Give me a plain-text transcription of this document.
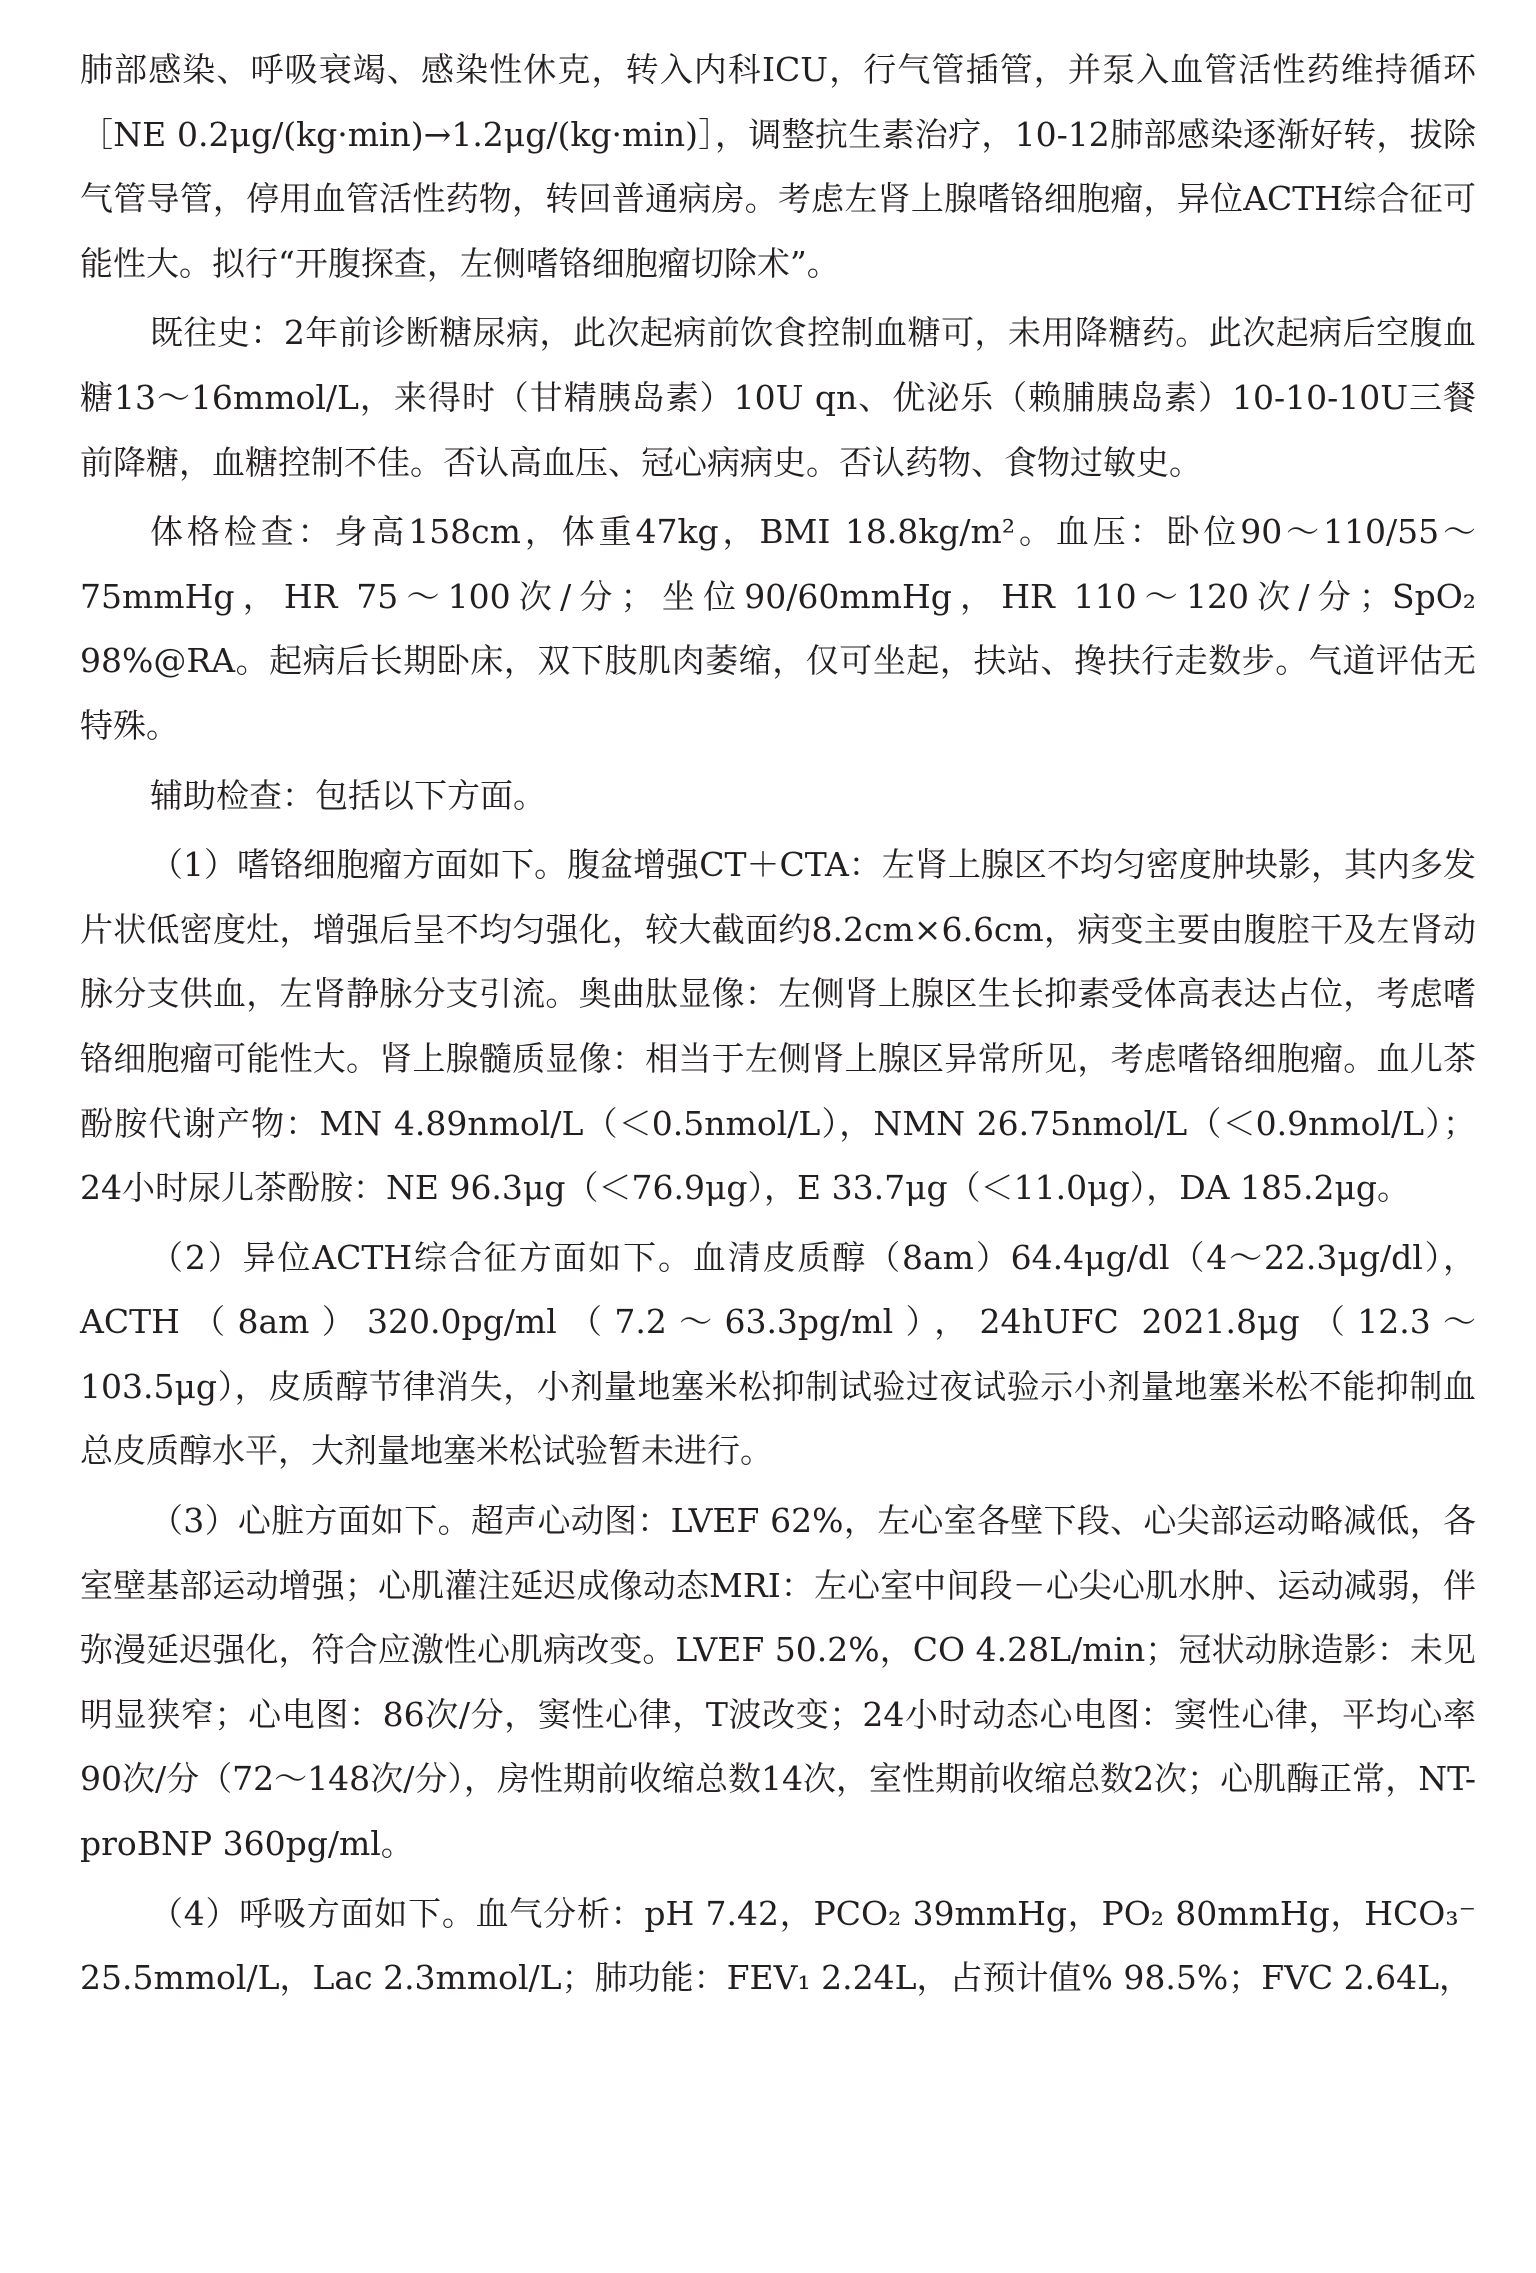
肺部感染、呼吸衰竭、感染性休克，转入内科ICU，行气管插管，并泵入血管活性药维持循环［NE 0.2μg/(kg·min)→1.2μg/(kg·min)］，调整抗生素治疗，10-12肺部感染逐渐好转，拔除气管导管，停用血管活性药物，转回普通病房。考虑左肾上腺嗜铬细胞瘤，异位ACTH综合征可能性大。拟行“开腹探查，左侧嗜铬细胞瘤切除术”。

既往史：2年前诊断糖尿病，此次起病前饮食控制血糖可，未用降糖药。此次起病后空腹血糖13～16mmol/L，来得时（甘精胰岛素）10U qn、优泌乐（赖脯胰岛素）10-10-10U三餐前降糖，血糖控制不佳。否认高血压、冠心病病史。否认药物、食物过敏史。

体格检查：身高158cm，体重47kg，BMI 18.8kg/m²。血压：卧位90～110/55～75mmHg，HR 75～100次/分；坐位90/60mmHg，HR 110～120次/分；SpO₂ 98%@RA。起病后长期卧床，双下肢肌肉萎缩，仅可坐起，扶站、搀扶行走数步。气道评估无特殊。

辅助检查：包括以下方面。

（1）嗜铬细胞瘤方面如下。腹盆增强CT＋CTA：左肾上腺区不均匀密度肿块影，其内多发片状低密度灶，增强后呈不均匀强化，较大截面约8.2cm×6.6cm，病变主要由腹腔干及左肾动脉分支供血，左肾静脉分支引流。奥曲肽显像：左侧肾上腺区生长抑素受体高表达占位，考虑嗜铬细胞瘤可能性大。肾上腺髓质显像：相当于左侧肾上腺区异常所见，考虑嗜铬细胞瘤。血儿茶酚胺代谢产物：MN 4.89nmol/L（＜0.5nmol/L），NMN 26.75nmol/L（＜0.9nmol/L）；24小时尿儿茶酚胺：NE 96.3μg（＜76.9μg），E 33.7μg（＜11.0μg），DA 185.2μg。

（2）异位ACTH综合征方面如下。血清皮质醇（8am）64.4μg/dl（4～22.3μg/dl），ACTH（8am）320.0pg/ml（7.2～63.3pg/ml），24hUFC 2021.8μg（12.3～103.5μg），皮质醇节律消失，小剂量地塞米松抑制试验过夜试验示小剂量地塞米松不能抑制血总皮质醇水平，大剂量地塞米松试验暂未进行。

（3）心脏方面如下。超声心动图：LVEF 62%，左心室各壁下段、心尖部运动略减低，各室壁基部运动增强；心肌灌注延迟成像动态MRI：左心室中间段－心尖心肌水肿、运动减弱，伴弥漫延迟强化，符合应激性心肌病改变。LVEF 50.2%，CO 4.28L/min；冠状动脉造影：未见明显狭窄；心电图：86次/分，窦性心律，T波改变；24小时动态心电图：窦性心律，平均心率90次/分（72～148次/分），房性期前收缩总数14次，室性期前收缩总数2次；心肌酶正常，NT-proBNP 360pg/ml。

（4）呼吸方面如下。血气分析：pH 7.42，PCO₂ 39mmHg，PO₂ 80mmHg，HCO₃⁻ 25.5mmol/L，Lac 2.3mmol/L；肺功能：FEV₁ 2.24L，占预计值% 98.5%；FVC 2.64L，
